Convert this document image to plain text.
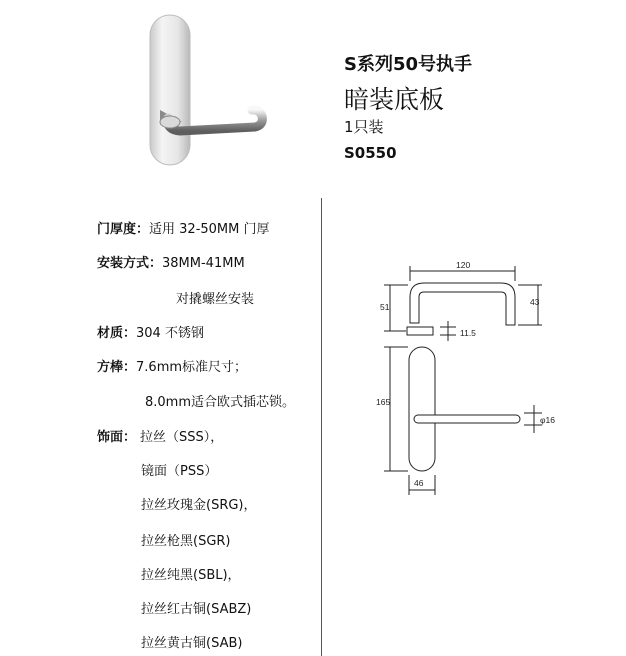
S系列50号执手
暗装底板
1只装
S0550
门厚度：适用 32-50MM 门厚
安装方式：38MM-41MM
对撬螺丝安装
材质：304 不锈钢
方棒：7.6mm标准尺寸；
8.0mm适合欧式插芯锁。
饰面： 拉丝（SSS），
镜面（PSS）
拉丝玫瑰金(SRG)，
拉丝枪黑(SGR)
拉丝纯黑(SBL)，
拉丝红古铜(SABZ)
拉丝黄古铜(SAB)
120
51	43
11.5
165
φ16
46
